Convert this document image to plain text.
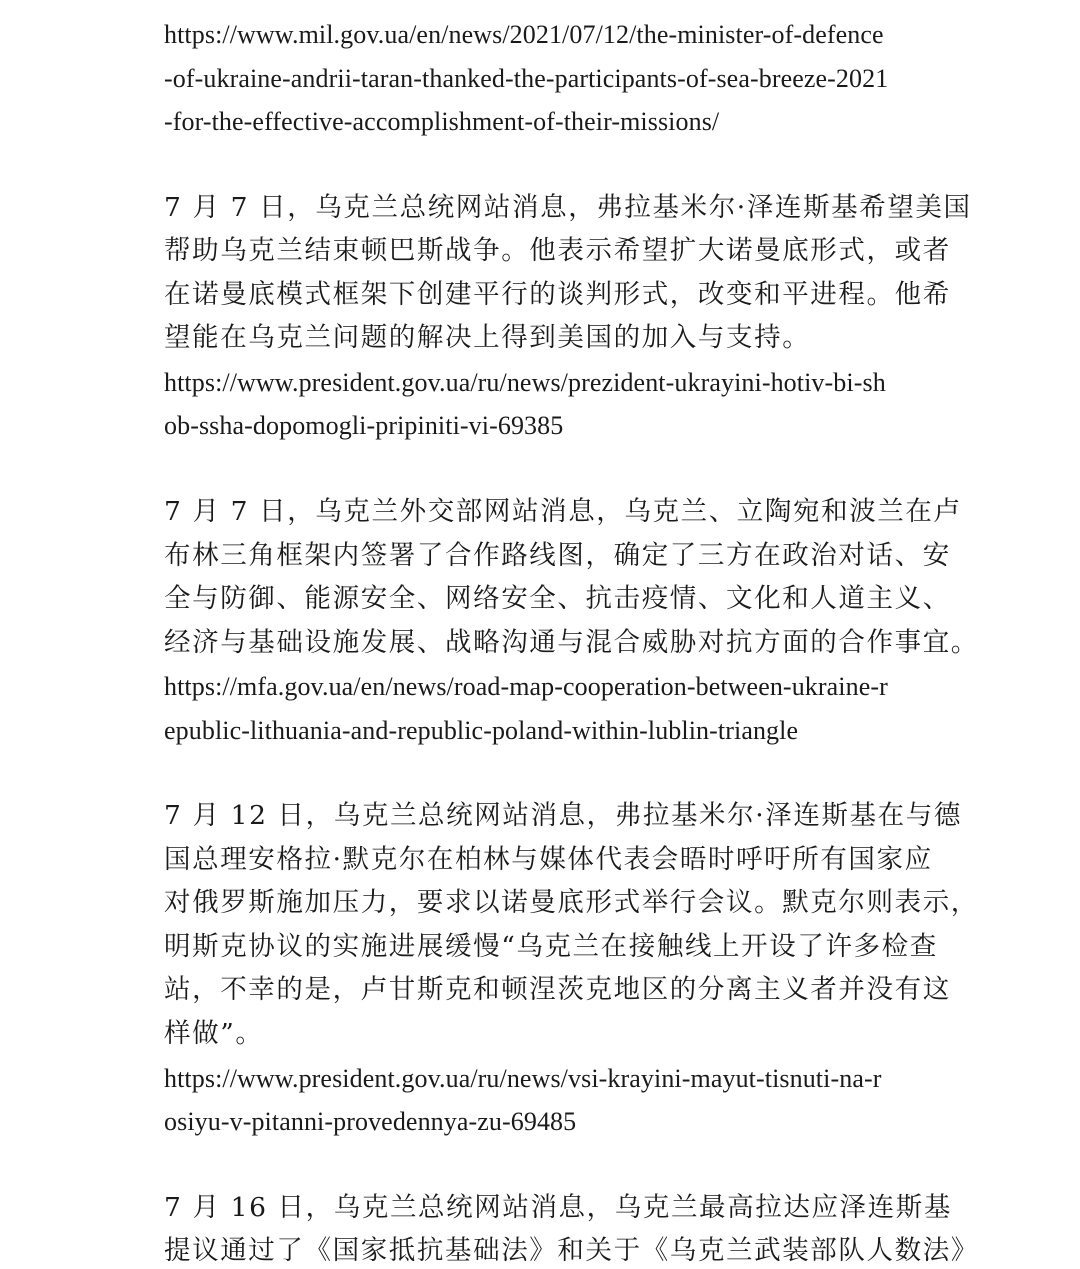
https://www.mil.gov.ua/en/news/2021/07/12/the-minister-of-defence
-of-ukraine-andrii-taran-thanked-the-participants-of-sea-breeze-2021
-for-the-effective-accomplishment-of-their-missions/
7 月 7 日，乌克兰总统网站消息，弗拉基米尔·泽连斯基希望美国
帮助乌克兰结束顿巴斯战争。他表示希望扩大诺曼底形式，或者
在诺曼底模式框架下创建平行的谈判形式，改变和平进程。他希
望能在乌克兰问题的解决上得到美国的加入与支持。
https://www.president.gov.ua/ru/news/prezident-ukrayini-hotiv-bi-sh
ob-ssha-dopomogli-pripiniti-vi-69385
7 月 7 日，乌克兰外交部网站消息，乌克兰、立陶宛和波兰在卢
布林三角框架内签署了合作路线图，确定了三方在政治对话、安
全与防御、能源安全、网络安全、抗击疫情、文化和人道主义、
经济与基础设施发展、战略沟通与混合威胁对抗方面的合作事宜。
https://mfa.gov.ua/en/news/road-map-cooperation-between-ukraine-r
epublic-lithuania-and-republic-poland-within-lublin-triangle
7 月 12 日，乌克兰总统网站消息，弗拉基米尔·泽连斯基在与德
国总理安格拉·默克尔在柏林与媒体代表会晤时呼吁所有国家应
对俄罗斯施加压力，要求以诺曼底形式举行会议。默克尔则表示，
明斯克协议的实施进展缓慢“乌克兰在接触线上开设了许多检查
站，不幸的是，卢甘斯克和顿涅茨克地区的分离主义者并没有这
样做”。
https://www.president.gov.ua/ru/news/vsi-krayini-mayut-tisnuti-na-r
osiyu-v-pitanni-provedennya-zu-69485
7 月 16 日，乌克兰总统网站消息，乌克兰最高拉达应泽连斯基
提议通过了《国家抵抗基础法》和关于《乌克兰武装部队人数法》
